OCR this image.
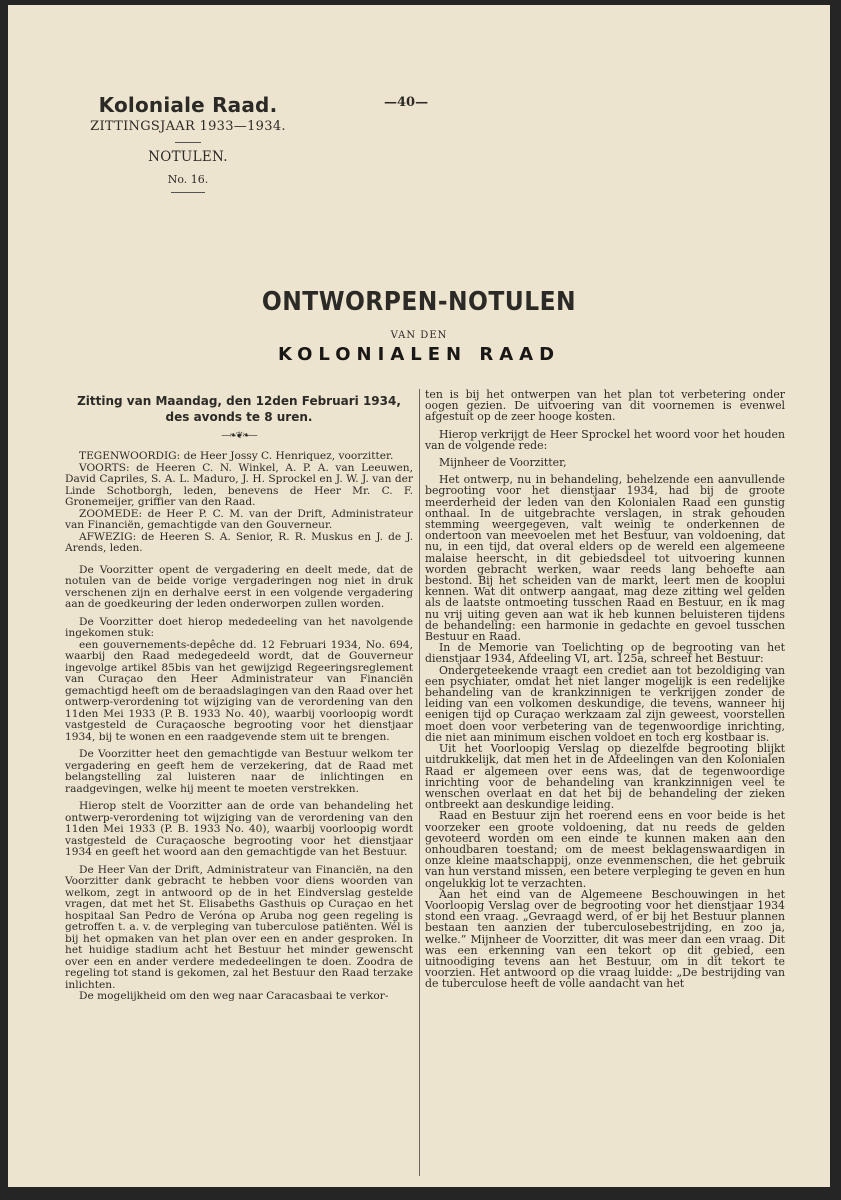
Koloniale Raad.
ZITTINGSJAAR 1933—1934.
NOTULEN.
No. 16.
—40—
ONTWORPEN-NOTULEN
VAN DEN
KOLONIALEN RAAD
Zitting van Maandag, den 12den Februari 1934,
des avonds te 8 uren.
—❧❦❧—

TEGENWOORDIG: de Heer Jossy C. Henriquez, voorzitter.

VOORTS: de Heeren C. N. Winkel, A. P. A. van Leeuwen, David Capriles, S. A. L. Maduro, J. H. Sprockel en J. W. J. van der Linde Schotborgh, leden, benevens de Heer Mr. C. F. Gronemeijer, griffier van den Raad.

ZOOMEDE: de Heer P. C. M. van der Drift, Administrateur van Financiën, gemachtigde van den Gouverneur.

AFWEZIG: de Heeren S. A. Senior, R. R. Muskus en J. de J. Arends, leden.

De Voorzitter opent de vergadering en deelt mede, dat de notulen van de beide vorige vergaderingen nog niet in druk verschenen zijn en derhalve eerst in een volgende vergadering aan de goedkeuring der leden onderworpen zullen worden.

De Voorzitter doet hierop mededeeling van het navolgende ingekomen stuk:

een gouvernements-depêche dd. 12 Februari 1934, No. 694, waarbij den Raad medegedeeld wordt, dat de Gouverneur ingevolge artikel 85bis van het gewijzigd Regeeringsreglement van Curaçao den Heer Administrateur van Financiën gemachtigd heeft om de beraadslagingen van den Raad over het ontwerp-verordening tot wijziging van de verordening van den 11den Mei 1933 (P. B. 1933 No. 40), waarbij voorloopig wordt vastgesteld de Curaçaosche begrooting voor het dienstjaar 1934, bij te wonen en een raadgevende stem uit te brengen.

De Voorzitter heet den gemachtigde van Bestuur welkom ter vergadering en geeft hem de verzekering, dat de Raad met belangstelling zal luisteren naar de inlichtingen en raadgevingen, welke hij meent te moeten verstrekken.

Hierop stelt de Voorzitter aan de orde van behandeling het ontwerp-verordening tot wijziging van de verordening van den 11den Mei 1933 (P. B. 1933 No. 40), waarbij voorloopig wordt vastgesteld de Curaçaosche begrooting voor het dienstjaar 1934 en geeft het woord aan den gemachtigde van het Bestuur.

De Heer Van der Drift, Administrateur van Financiën, na den Voorzitter dank gebracht te hebben voor diens woorden van welkom, zegt in antwoord op de in het Eindverslag gestelde vragen, dat met het St. Elisabeths Gasthuis op Curaçao en het hospitaal San Pedro de Veróna op Aruba nog geen regeling is getroffen t. a. v. de verpleging van tuberculose patiënten. Wél is bij het opmaken van het plan over een en ander gesproken. In het huidige stadium acht het Bestuur het minder gewenscht over een en ander verdere mededeelingen te doen. Zoodra de regeling tot stand is gekomen, zal het Bestuur den Raad terzake inlichten.

De mogelijkheid om den weg naar Caracasbaai te verkor-

ten is bij het ontwerpen van het plan tot verbetering onder oogen gezien. De uitvoering van dit voornemen is evenwel afgestuit op de zeer hooge kosten.

Hierop verkrijgt de Heer Sprockel het woord voor het houden van de volgende rede:

Mijnheer de Voorzitter,

Het ontwerp, nu in behandeling, behelzende een aanvullende begrooting voor het dienstjaar 1934, had bij de groote meerderheid der leden van den Kolonialen Raad een gunstig onthaal. In de uitgebrachte verslagen, in strak gehouden stemming weergegeven, valt weinig te onderkennen de ondertoon van meevoelen met het Bestuur, van voldoening, dat nu, in een tijd, dat overal elders op de wereld een algemeene malaise heerscht, in dit gebiedsdeel tot uitvoering kunnen worden gebracht werken, waar reeds lang behoefte aan bestond. Bij het scheiden van de markt, leert men de kooplui kennen. Wat dit ontwerp aangaat, mag deze zitting wel gelden als de laatste ontmoeting tusschen Raad en Bestuur, en ik mag nu vrij uiting geven aan wat ik heb kunnen beluisteren tijdens de behandeling: een harmonie in gedachte en gevoel tusschen Bestuur en Raad.

In de Memorie van Toelichting op de begrooting van het dienstjaar 1934, Afdeeling VI, art. 125a, schreef het Bestuur:

Ondergeteekende vraagt een crediet aan tot bezoldiging van een psychiater, omdat het niet langer mogelijk is een redelijke behandeling van de krankzinnigen te verkrijgen zonder de leiding van een volkomen deskundige, die tevens, wanneer hij eenigen tijd op Curaçao werkzaam zal zijn geweest, voorstellen moet doen voor verbetering van de tegenwoordige inrichting, die niet aan minimum eischen voldoet en toch erg kostbaar is.

Uit het Voorloopig Verslag op diezelfde begrooting blijkt uitdrukkelijk, dat men het in de Afdeelingen van den Kolonialen Raad er algemeen over eens was, dat de tegenwoordige inrichting voor de behandeling van krankzinnigen veel te wenschen overlaat en dat het bij de behandeling der zieken ontbreekt aan deskundige leiding.

Raad en Bestuur zijn het roerend eens en voor beide is het voorzeker een groote voldoening, dat nu reeds de gelden gevoteerd worden om een einde te kunnen maken aan den onhoudbaren toestand; om de meest beklagenswaardigen in onze kleine maatschappij, onze evenmenschen, die het gebruik van hun verstand missen, een betere verpleging te geven en hun ongelukkig lot te verzachten.

Aan het eind van de Algemeene Beschouwingen in het Voorloopig Verslag over de begrooting voor het dienstjaar 1934 stond een vraag. „Gevraagd werd, of er bij het Bestuur plannen bestaan ten aanzien der tuberculosebestrijding, en zoo ja, welke.” Mijnheer de Voorzitter, dit was meer dan een vraag. Dit was een erkenning van een tekort op dit gebied, een uitnoodiging tevens aan het Bestuur, om in dit tekort te voorzien. Het antwoord op die vraag luidde: „De bestrijding van de tuberculose heeft de volle aandacht van het
